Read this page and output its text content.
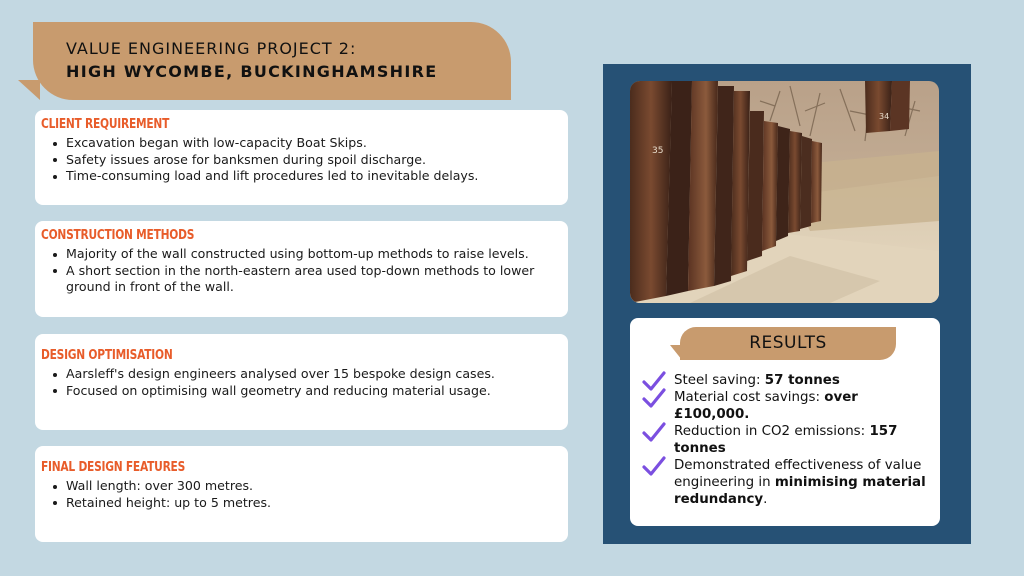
VALUE ENGINEERING PROJECT 2:
HIGH WYCOMBE, BUCKINGHAMSHIRE
CLIENT REQUIREMENT
Excavation began with low-capacity Boat Skips.
Safety issues arose for banksmen during spoil discharge.
Time-consuming load and lift procedures led to inevitable delays.
CONSTRUCTION METHODS
Majority of the wall constructed using bottom-up methods to raise levels.
A short section in the north-eastern area used top-down methods to lower ground in front of the wall.
DESIGN OPTIMISATION
Aarsleff's design engineers analysed over 15 bespoke design cases.
Focused on optimising wall geometry and reducing material usage.
FINAL DESIGN FEATURES
Wall length: over 300 metres.
Retained height: up to 5 metres.
35
34
RESULTS
Steel saving: 57 tonnes
Material cost savings: over £100,000.
Reduction in CO2 emissions: 157 tonnes
Demonstrated effectiveness of value engineering in minimising material redundancy.
